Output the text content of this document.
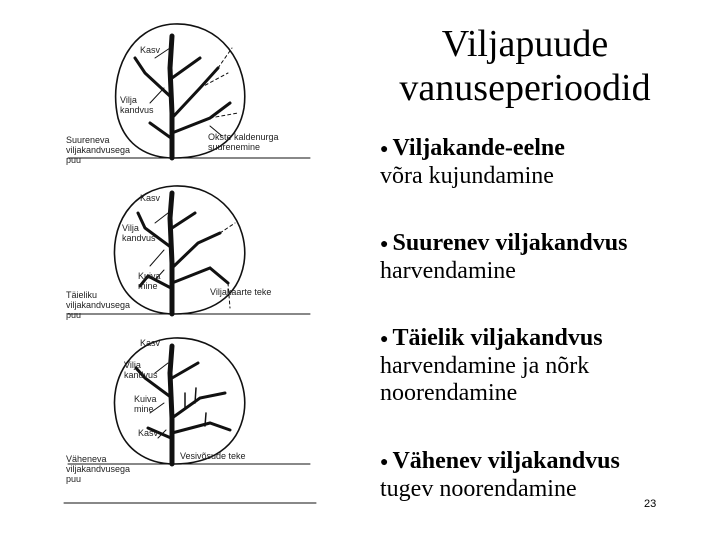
Kasv
Vilja
kandvus
Okste kaldenurga
suurenemine
Suureneva
viljakandvusega
puu
Kasv
Vilja
kandvus
Kuiva
mine
Viljakaarte teke
Täieliku
viljakandvusega
puu
Kasv
Vilja
kandvus
Kuiva
mine
Kasv
Vesivõsude teke
Väheneva
viljakandvusega
puu
Viljapuude vanuseperioodid
● Viljakande-eelne
võra kujundamine
● Suurenev viljakandvus
harvendamine
● Täielik viljakandvus
harvendamine ja nõrk noorendamine
● Vähenev viljakandvus
tugev noorendamine
23
